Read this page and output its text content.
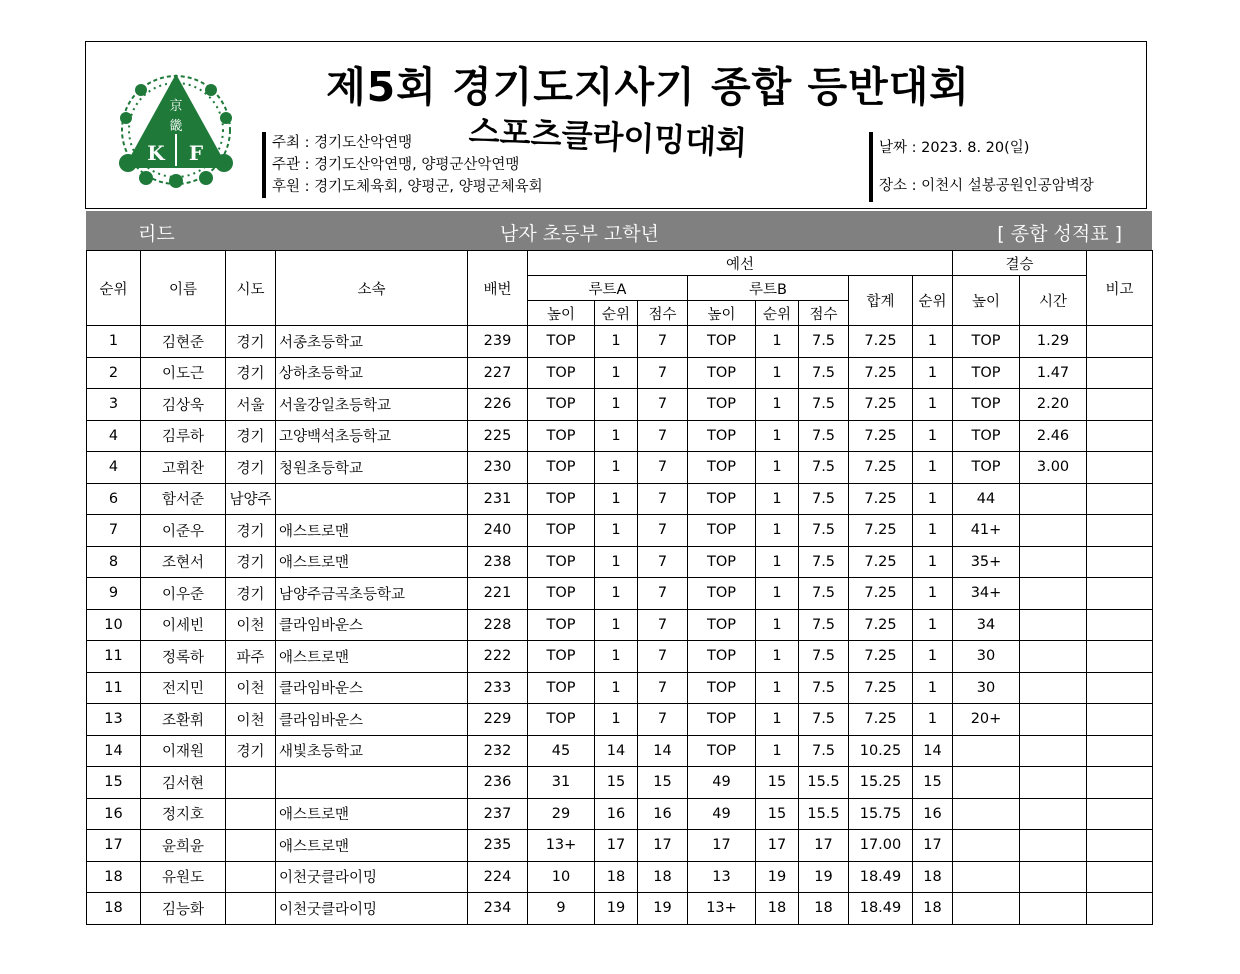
京
畿
K F
제5회 경기도지사기 종합 등반대회
스포츠클라이밍대회
주최 : 경기도산악연맹
주관 : 경기도산악연맹, 양평군산악연맹
후원 : 경기도체육회, 양평군, 양평군체육회
날짜 : 2023. 8. 20(일)
장소 : 이천시 설봉공원인공암벽장
리드	남자 초등부 고학년	[ 종합 성적표 ]
순위	이름	시도	소속	배번	예선								결승		비고
					루트A			루트B			합계	순위	높이	시간	
					높이	순위	점수	높이	순위	점수					
1	김현준	경기	서종초등학교	239	TOP	1	7	TOP	1	7.5	7.25	1	TOP	1.29	
2	이도근	경기	상하초등학교	227	TOP	1	7	TOP	1	7.5	7.25	1	TOP	1.47	
3	김상욱	서울	서울강일초등학교	226	TOP	1	7	TOP	1	7.5	7.25	1	TOP	2.20	
4	김루하	경기	고양백석초등학교	225	TOP	1	7	TOP	1	7.5	7.25	1	TOP	2.46	
4	고휘찬	경기	청원초등학교	230	TOP	1	7	TOP	1	7.5	7.25	1	TOP	3.00	
6	함서준	남양주		231	TOP	1	7	TOP	1	7.5	7.25	1	44		
7	이준우	경기	애스트로맨	240	TOP	1	7	TOP	1	7.5	7.25	1	41+		
8	조현서	경기	애스트로맨	238	TOP	1	7	TOP	1	7.5	7.25	1	35+		
9	이우준	경기	남양주금곡초등학교	221	TOP	1	7	TOP	1	7.5	7.25	1	34+		
10	이세빈	이천	클라임바운스	228	TOP	1	7	TOP	1	7.5	7.25	1	34		
11	정록하	파주	애스트로맨	222	TOP	1	7	TOP	1	7.5	7.25	1	30		
11	전지민	이천	클라임바운스	233	TOP	1	7	TOP	1	7.5	7.25	1	30		
13	조환휘	이천	클라임바운스	229	TOP	1	7	TOP	1	7.5	7.25	1	20+		
14	이재원	경기	새빛초등학교	232	45	14	14	TOP	1	7.5	10.25	14			
15	김서현			236	31	15	15	49	15	15.5	15.25	15			
16	정지호		애스트로맨	237	29	16	16	49	15	15.5	15.75	16			
17	윤희윤		애스트로맨	235	13+	17	17	17	17	17	17.00	17			
18	유원도		이천굿클라이밍	224	10	18	18	13	19	19	18.49	18			
18	김능화		이천굿클라이밍	234	9	19	19	13+	18	18	18.49	18			
